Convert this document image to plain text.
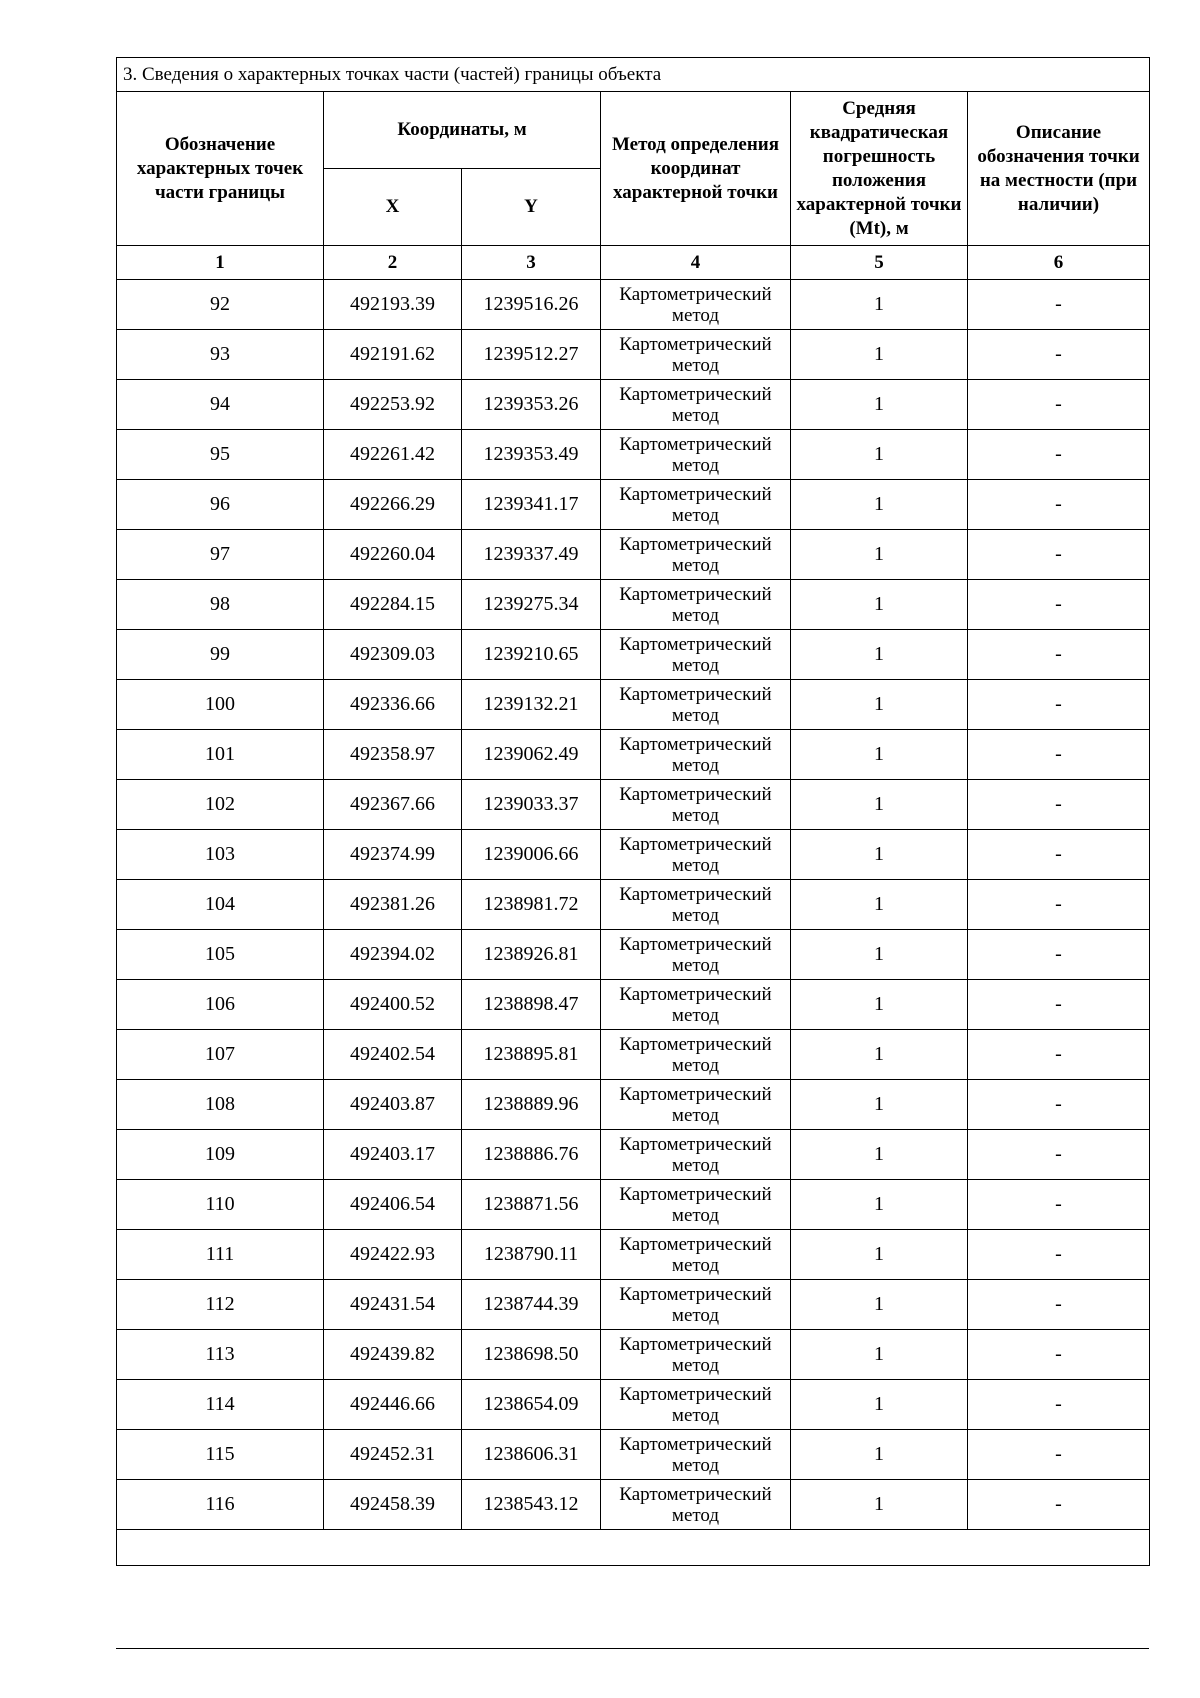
3. Сведения о характерных точках части (частей) границы объекта					
Обозначение характерных точек части границы	Координаты, м		Метод определения координат характерной точки	Средняя квадратическая погрешность положения характерной точки (Mt), м	Описание обозначения точки на местности (при наличии)
	X	Y			
1	2	3	4	5	6
92	492193.39	1239516.26	Картометрический метод	1	-
93	492191.62	1239512.27	Картометрический метод	1	-
94	492253.92	1239353.26	Картометрический метод	1	-
95	492261.42	1239353.49	Картометрический метод	1	-
96	492266.29	1239341.17	Картометрический метод	1	-
97	492260.04	1239337.49	Картометрический метод	1	-
98	492284.15	1239275.34	Картометрический метод	1	-
99	492309.03	1239210.65	Картометрический метод	1	-
100	492336.66	1239132.21	Картометрический метод	1	-
101	492358.97	1239062.49	Картометрический метод	1	-
102	492367.66	1239033.37	Картометрический метод	1	-
103	492374.99	1239006.66	Картометрический метод	1	-
104	492381.26	1238981.72	Картометрический метод	1	-
105	492394.02	1238926.81	Картометрический метод	1	-
106	492400.52	1238898.47	Картометрический метод	1	-
107	492402.54	1238895.81	Картометрический метод	1	-
108	492403.87	1238889.96	Картометрический метод	1	-
109	492403.17	1238886.76	Картометрический метод	1	-
110	492406.54	1238871.56	Картометрический метод	1	-
111	492422.93	1238790.11	Картометрический метод	1	-
112	492431.54	1238744.39	Картометрический метод	1	-
113	492439.82	1238698.50	Картометрический метод	1	-
114	492446.66	1238654.09	Картометрический метод	1	-
115	492452.31	1238606.31	Картометрический метод	1	-
116	492458.39	1238543.12	Картометрический метод	1	-
